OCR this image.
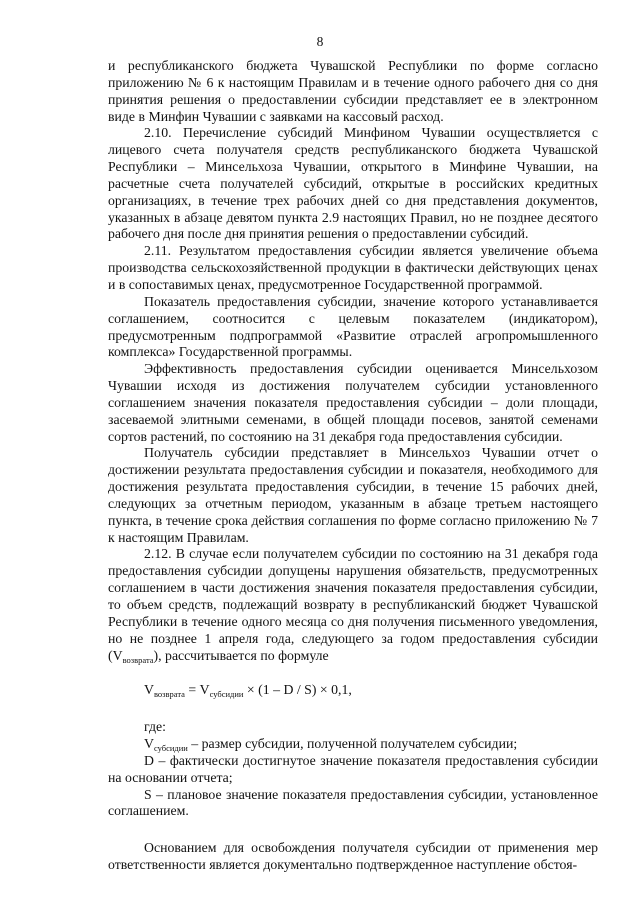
8

и республиканского бюджета Чувашской Республики по форме согласно приложению № 6 к настоящим Правилам и в течение одного рабочего дня со дня принятия решения о предоставлении субсидии представляет ее в электронном виде в Минфин Чувашии с заявками на кассовый расход.

2.10. Перечисление субсидий Минфином Чувашии осуществляется с лицевого счета получателя средств республиканского бюджета Чувашской Республики – Минсельхоза Чувашии, открытого в Минфине Чувашии, на расчетные счета получателей субсидий, открытые в российских кредитных организациях, в течение трех рабочих дней со дня представления документов, указанных в абзаце девятом пункта 2.9 настоящих Правил, но не позднее десятого рабочего дня после дня принятия решения о предоставлении субсидий.

2.11. Результатом предоставления субсидии является увеличение объема производства сельскохозяйственной продукции в фактически действующих ценах и в сопоставимых ценах, предусмотренное Государственной программой.

Показатель предоставления субсидии, значение которого устанавливается соглашением, соотносится с целевым показателем (индикатором), предусмотренным подпрограммой «Развитие отраслей агропромышленного комплекса» Государственной программы.

Эффективность предоставления субсидии оценивается Минсельхозом Чувашии исходя из достижения получателем субсидии установленного соглашением значения показателя предоставления субсидии – доли площади, засеваемой элитными семенами, в общей площади посевов, занятой семенами сортов растений, по состоянию на 31 декабря года предоставления субсидии.

Получатель субсидии представляет в Минсельхоз Чувашии отчет о достижении результата предоставления субсидии и показателя, необходимого для достижения результата предоставления субсидии, в течение 15 рабочих дней, следующих за отчетным периодом, указанным в абзаце третьем настоящего пункта, в течение срока действия соглашения по форме согласно приложению № 7 к настоящим Правилам.

2.12. В случае если получателем субсидии по состоянию на 31 декабря года предоставления субсидии допущены нарушения обязательств, предусмотренных соглашением в части достижения значения показателя предоставления субсидии, то объем средств, подлежащий возврату в республиканский бюджет Чувашской Республики в течение одного месяца со дня получения письменного уведомления, но не позднее 1 апреля года, следующего за годом предоставления субсидии $(V_{возврата})$, рассчитывается по формуле

$V_{возврата} = V_{субсидии} \times (1 - D / S) \times 0,1$,

где:

$V_{субсидии}$ – размер субсидии, полученной получателем субсидии;

D – фактически достигнутое значение показателя предоставления субсидии на основании отчета;

S – плановое значение показателя предоставления субсидии, установленное соглашением.

Основанием для освобождения получателя субсидии от применения мер ответственности является документально подтвержденное наступление обстоя-
